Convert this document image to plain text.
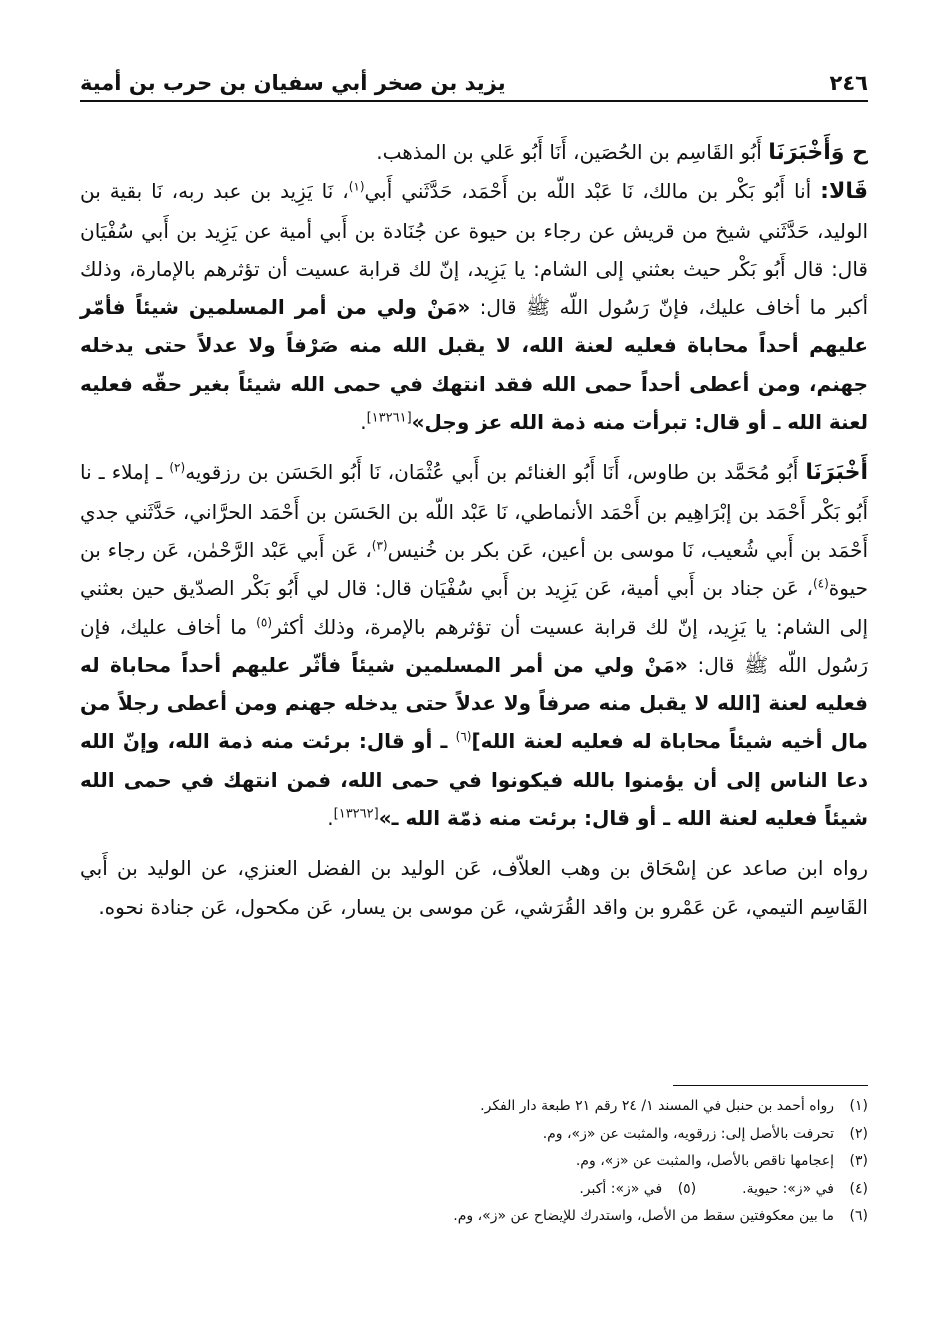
٢٤٦
يزيد بن صخر أبي سفيان بن حرب بن أمية

ح وَأَخْبَرَنَا أَبُو القَاسِم بن الحُصَين، أَنَا أَبُو عَلي بن المذهب.

قَالا: أنا أَبُو بَكْر بن مالك، نَا عَبْد اللّه بن أَحْمَد، حَدَّثَني أَبي$^{(١)}$، نَا يَزِيد بن عبد ربه، نَا بقية بن الوليد، حَدَّثَني شيخ من قريش عن رجاء بن حيوة عن جُنَادة بن أَبي أمية عن يَزِيد بن أَبي سُفْيَان قال: قال أَبُو بَكْر حيث بعثني إلى الشام: يا يَزِيد، إنّ لك قرابة عسيت أن تؤثرهم بالإمارة، وذلك أكبر ما أخاف عليك، فإنّ رَسُول اللّه ﷺ قال: «مَنْ ولي من أمر المسلمين شيئاً فأمّر عليهم أحداً محاباة فعليه لعنة الله، لا يقبل الله منه صَرْفاً ولا عدلاً حتى يدخله جهنم، ومن أعطى أحداً حمى الله فقد انتهك في حمى الله شيئاً بغير حقّه فعليه لعنة الله ـ أو قال: تبرأت منه ذمة الله عز وجل»[١٣٢٦١].

أَخْبَرَنَا أَبُو مُحَمَّد بن طاوس، أَنَا أَبُو الغنائم بن أَبي عُثْمَان، نَا أَبُو الحَسَن بن رزقويه$^{(٢)}$ ـ إملاء ـ نا أَبُو بَكْر أَحْمَد بن إبْرَاهِيم بن أَحْمَد الأنماطي، نَا عَبْد اللّه بن الحَسَن بن أَحْمَد الحرَّاني، حَدَّثَني جدي أَحْمَد بن أَبي شُعيب، نَا موسى بن أعين، عَن بكر بن خُنيس$^{(٣)}$، عَن أَبي عَبْد الرَّحْمٰن، عَن رجاء بن حيوة$^{(٤)}$، عَن جناد بن أَبي أمية، عَن يَزِيد بن أَبي سُفْيَان قال: قال لي أَبُو بَكْر الصدّيق حين بعثني إلى الشام: يا يَزِيد، إنّ لك قرابة عسيت أن تؤثرهم بالإمرة، وذلك أكثر$^{(٥)}$ ما أخاف عليك، فإن رَسُول اللّه ﷺ قال: «مَنْ ولي من أمر المسلمين شيئاً فأثّر عليهم أحداً محاباة له فعليه لعنة [الله لا يقبل منه صرفاً ولا عدلاً حتى يدخله جهنم ومن أعطى رجلاً من مال أخيه شيئاً محاباة له فعليه لعنة الله]$^{(٦)}$ ـ أو قال: برئت منه ذمة الله، وإنّ الله دعا الناس إلى أن يؤمنوا بالله فيكونوا في حمى الله، فمن انتهك في حمى الله شيئاً فعليه لعنة الله ـ أو قال: برئت منه ذمّة الله ـ»[١٣٢٦٢].

رواه ابن صاعد عن إسْحَاق بن وهب العلاّف، عَن الوليد بن الفضل العنزي، عن الوليد بن أَبي القَاسِم التيمي، عَن عَمْرو بن واقد القُرَشي، عَن موسى بن يسار، عَن مكحول، عَن جنادة نحوه.

(١)
رواه أحمد بن حنبل في المسند ١/ ٢٤ رقم ٢١ طبعة دار الفكر.
(٢)
تحرفت بالأصل إلى: زرقويه، والمثبت عن «ز»، وم.
(٣)
إعجامها ناقص بالأصل، والمثبت عن «ز»، وم.
(٤)
في «ز»: حيوية.
(٥)
في «ز»: أكبر.
(٦)
ما بين معكوفتين سقط من الأصل، واستدرك للإيضاح عن «ز»، وم.
